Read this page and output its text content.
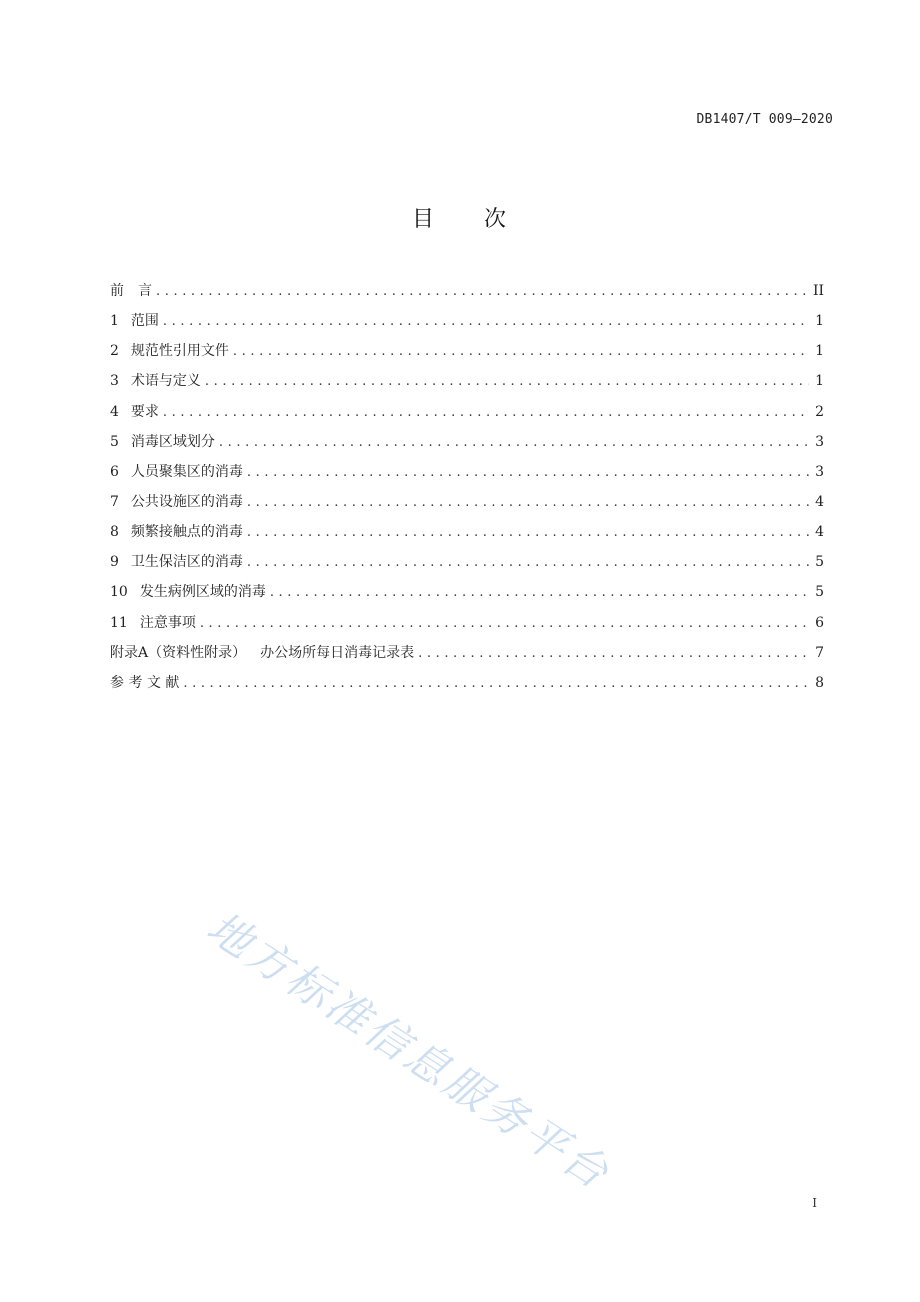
DB1407/T 009—2020
目　　次
前　言 .....	II
1 范围 .....	1
2 规范性引用文件 .....	1
3 术语与定义 .....	1
4 要求 .....	2
5 消毒区域划分 .....	3
6 人员聚集区的消毒 .....	3
7 公共设施区的消毒 .....	4
8 频繁接触点的消毒 .....	4
9 卫生保洁区的消毒 .....	5
10 发生病例区域的消毒 .....	5
11 注意事项 .....	6
附录A（资料性附录） 办公场所每日消毒记录表 .....	7
参 考 文 献 .....	8
地方标准信息服务平台
I
